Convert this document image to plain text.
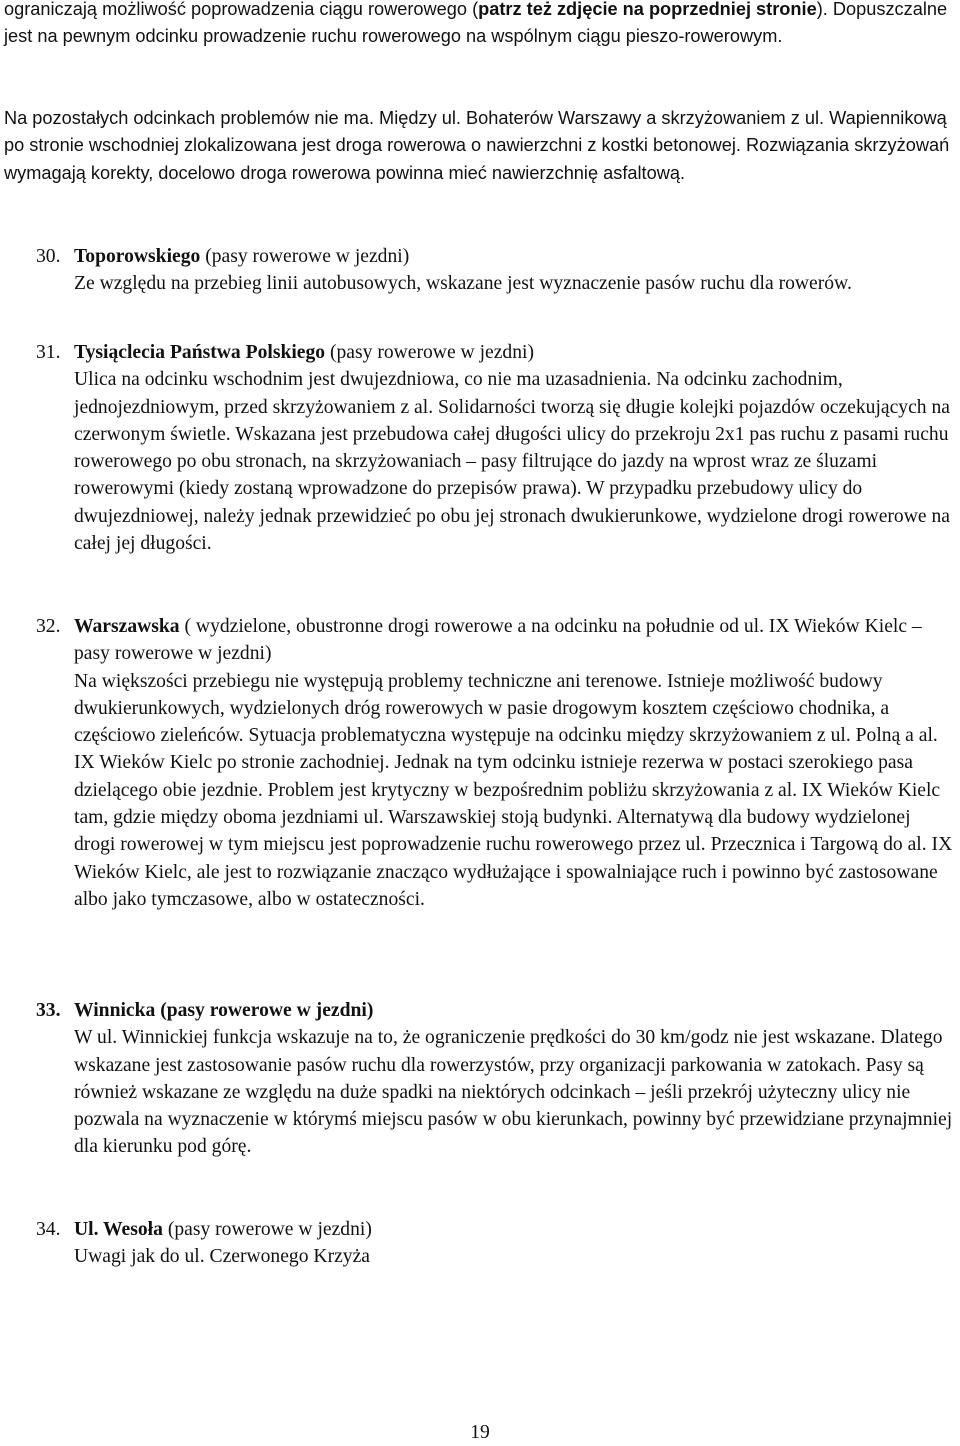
ograniczają możliwość poprowadzenia ciągu rowerowego (patrz też zdjęcie na poprzedniej stronie). Dopuszczalne jest na pewnym odcinku prowadzenie ruchu rowerowego na wspólnym ciągu pieszo-rowerowym.

Na pozostałych odcinkach problemów nie ma. Między ul. Bohaterów Warszawy a skrzyżowaniem z ul. Wapiennikową po stronie wschodniej zlokalizowana jest droga rowerowa o nawierzchni z kostki betonowej. Rozwiązania skrzyżowań wymagają korekty, docelowo droga rowerowa powinna mieć nawierzchnię asfaltową.

30. Toporowskiego (pasy rowerowe w jezdni)

Ze względu na przebieg linii autobusowych, wskazane jest wyznaczenie pasów ruchu dla rowerów.

31. Tysiąclecia Państwa Polskiego (pasy rowerowe w jezdni)

Ulica na odcinku wschodnim jest dwujezdniowa, co nie ma uzasadnienia. Na odcinku zachodnim, jednojezdniowym, przed skrzyżowaniem z al. Solidarności tworzą się długie kolejki pojazdów oczekujących na czerwonym świetle. Wskazana jest przebudowa całej długości ulicy do przekroju 2x1 pas ruchu z pasami ruchu rowerowego po obu stronach, na skrzyżowaniach – pasy filtrujące do jazdy na wprost wraz ze śluzami rowerowymi (kiedy zostaną wprowadzone do przepisów prawa). W przypadku przebudowy ulicy do dwujezdniowej, należy jednak przewidzieć po obu jej stronach dwukierunkowe, wydzielone drogi rowerowe na całej jej długości.

32. Warszawska ( wydzielone, obustronne drogi rowerowe a na odcinku na południe od ul. IX Wieków Kielc – pasy rowerowe w jezdni)

Na większości przebiegu nie występują problemy techniczne ani terenowe. Istnieje możliwość budowy dwukierunkowych, wydzielonych dróg rowerowych w pasie drogowym kosztem częściowo chodnika, a częściowo zieleńców. Sytuacja problematyczna występuje na odcinku między skrzyżowaniem z ul. Polną a al. IX Wieków Kielc po stronie zachodniej. Jednak na tym odcinku istnieje rezerwa w postaci szerokiego pasa dzielącego obie jezdnie. Problem jest krytyczny w bezpośrednim pobliżu skrzyżowania z al. IX Wieków Kielc tam, gdzie między oboma jezdniami ul. Warszawskiej stoją budynki. Alternatywą dla budowy wydzielonej drogi rowerowej w tym miejscu jest poprowadzenie ruchu rowerowego przez ul. Przecznica i Targową do al. IX Wieków Kielc, ale jest to rozwiązanie znacząco wydłużające i spowalniające ruch i powinno być zastosowane albo jako tymczasowe, albo w ostateczności.

33. Winnicka (pasy rowerowe w jezdni)

W ul. Winnickiej funkcja wskazuje na to, że ograniczenie prędkości do 30 km/godz nie jest wskazane. Dlatego wskazane jest zastosowanie pasów ruchu dla rowerzystów, przy organizacji parkowania w zatokach. Pasy są również wskazane ze względu na duże spadki na niektórych odcinkach – jeśli przekrój użyteczny ulicy nie pozwala na wyznaczenie w którymś miejscu pasów w obu kierunkach, powinny być przewidziane przynajmniej dla kierunku pod górę.

34. Ul. Wesoła (pasy rowerowe w jezdni)

Uwagi jak do ul. Czerwonego Krzyża

19
